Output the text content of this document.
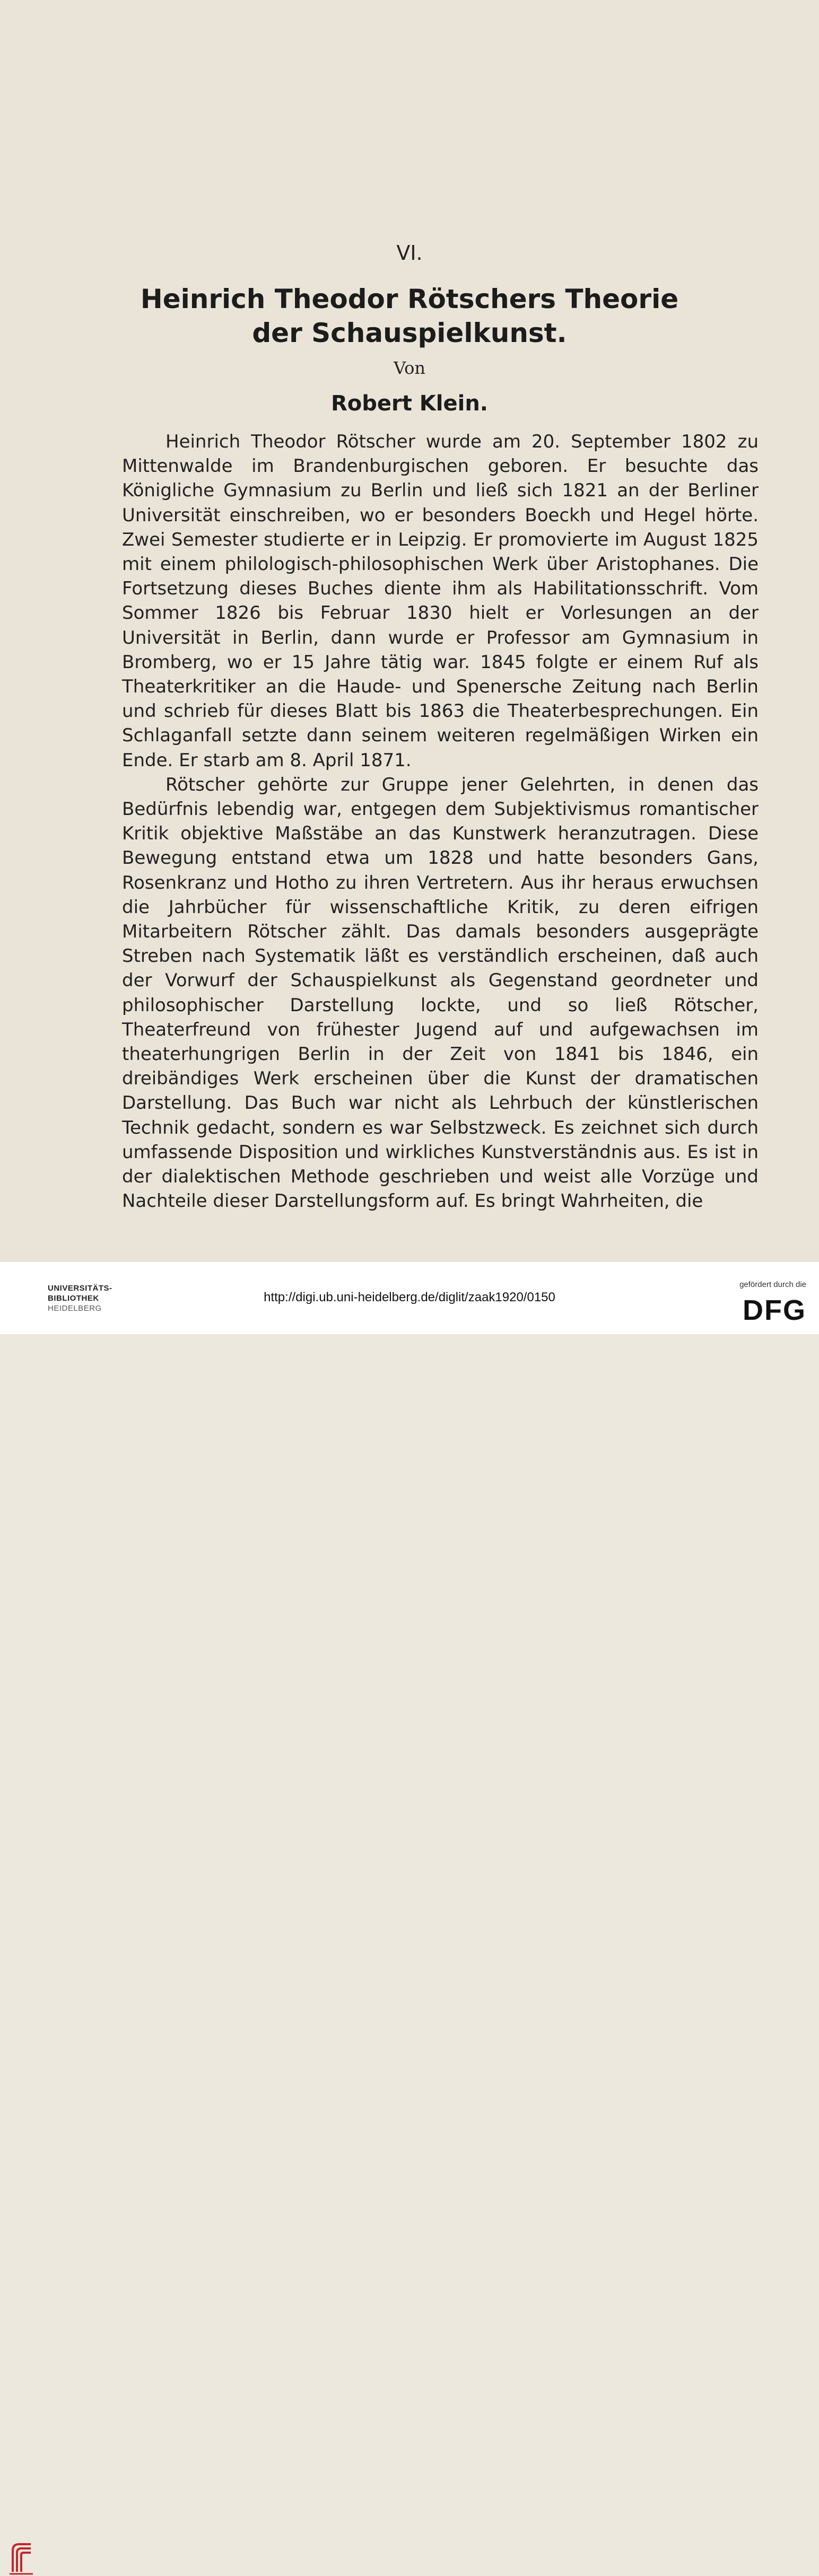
VI.
Heinrich Theodor Rötschers Theorie
der Schauspielkunst.
Von
Robert Klein.

Heinrich Theodor Rötscher wurde am 20. September 1802 zu Mittenwalde im Brandenburgischen geboren. Er besuchte das Königliche Gymnasium zu Berlin und ließ sich 1821 an der Berliner Universität einschreiben, wo er besonders Boeckh und Hegel hörte. Zwei Semester studierte er in Leipzig. Er promovierte im August 1825 mit einem philologisch-philosophischen Werk über Aristophanes. Die Fortsetzung dieses Buches diente ihm als Habilitationsschrift. Vom Sommer 1826 bis Februar 1830 hielt er Vorlesungen an der Universität in Berlin, dann wurde er Professor am Gymnasium in Bromberg, wo er 15 Jahre tätig war. 1845 folgte er einem Ruf als Theaterkritiker an die Haude- und Spenersche Zeitung nach Berlin und schrieb für dieses Blatt bis 1863 die Theaterbesprechungen. Ein Schlaganfall setzte dann seinem weiteren regelmäßigen Wirken ein Ende. Er starb am 8. April 1871.

Rötscher gehörte zur Gruppe jener Gelehrten, in denen das Bedürfnis lebendig war, entgegen dem Subjektivismus romantischer Kritik objektive Maßstäbe an das Kunstwerk heranzutragen. Diese Bewegung entstand etwa um 1828 und hatte besonders Gans, Rosenkranz und Hotho zu ihren Vertretern. Aus ihr heraus erwuchsen die Jahrbücher für wissenschaftliche Kritik, zu deren eifrigen Mitarbeitern Rötscher zählt. Das damals besonders ausgeprägte Streben nach Systematik läßt es verständlich erscheinen, daß auch der Vorwurf der Schauspielkunst als Gegenstand geordneter und philosophischer Darstellung lockte, und so ließ Rötscher, Theaterfreund von frühester Jugend auf und aufgewachsen im theaterhungrigen Berlin in der Zeit von 1841 bis 1846, ein dreibändiges Werk erscheinen über die Kunst der dramatischen Darstellung. Das Buch war nicht als Lehrbuch der künstlerischen Technik gedacht, sondern es war Selbstzweck. Es zeichnet sich durch umfassende Disposition und wirkliches Kunstverständnis aus. Es ist in der dialektischen Methode geschrieben und weist alle Vorzüge und Nachteile dieser Darstellungsform auf. Es bringt Wahrheiten, die

UNIVERSITÄTS-
BIBLIOTHEK
HEIDELBERG
http://digi.ub.uni-heidelberg.de/diglit/zaak1920/0150
gefördert durch die
DFG
